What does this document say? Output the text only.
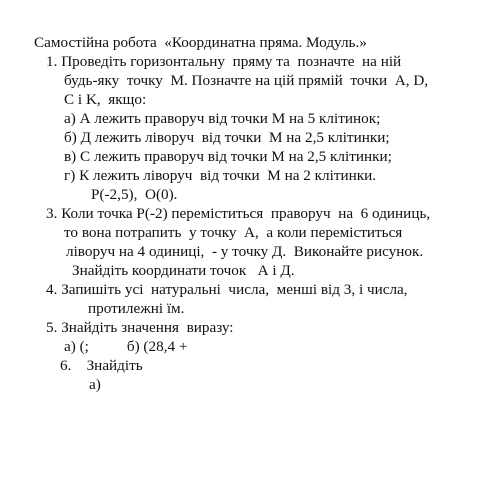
Самостійна робота  «Координатна пряма. Модуль.»
1. Проведіть горизонтальну  пряму та  позначте  на ній
будь-яку  точку  М. Позначте на цій прямій  точки  A, D,
C і K,  якщо:
а) А лежить праворуч від точки М на 5 клітинок;
б) Д лежить ліворуч  від точки  М на 2,5 клітинки;
в) С лежить праворуч від точки М на 2,5 клітинки;
г) К лежить ліворуч  від точки  М на 2 клітинки.
Р(-2,5),  О(0).
3. Коли точка Р(-2) переміститься  праворуч  на  6 одиниць,
то вона потрапить  у точку  А,  а коли переміститься
ліворуч на 4 одиниці,  - у точку Д.  Виконайте рисунок.
Знайдіть координати точок   А і Д.
4. Запишіть усі  натуральні  числа,  менші від 3, і числа,
протилежні їм.
5. Знайдіть значення  виразу:
а) (;          б) (28,4 +
6.    Знайдіть
а)
